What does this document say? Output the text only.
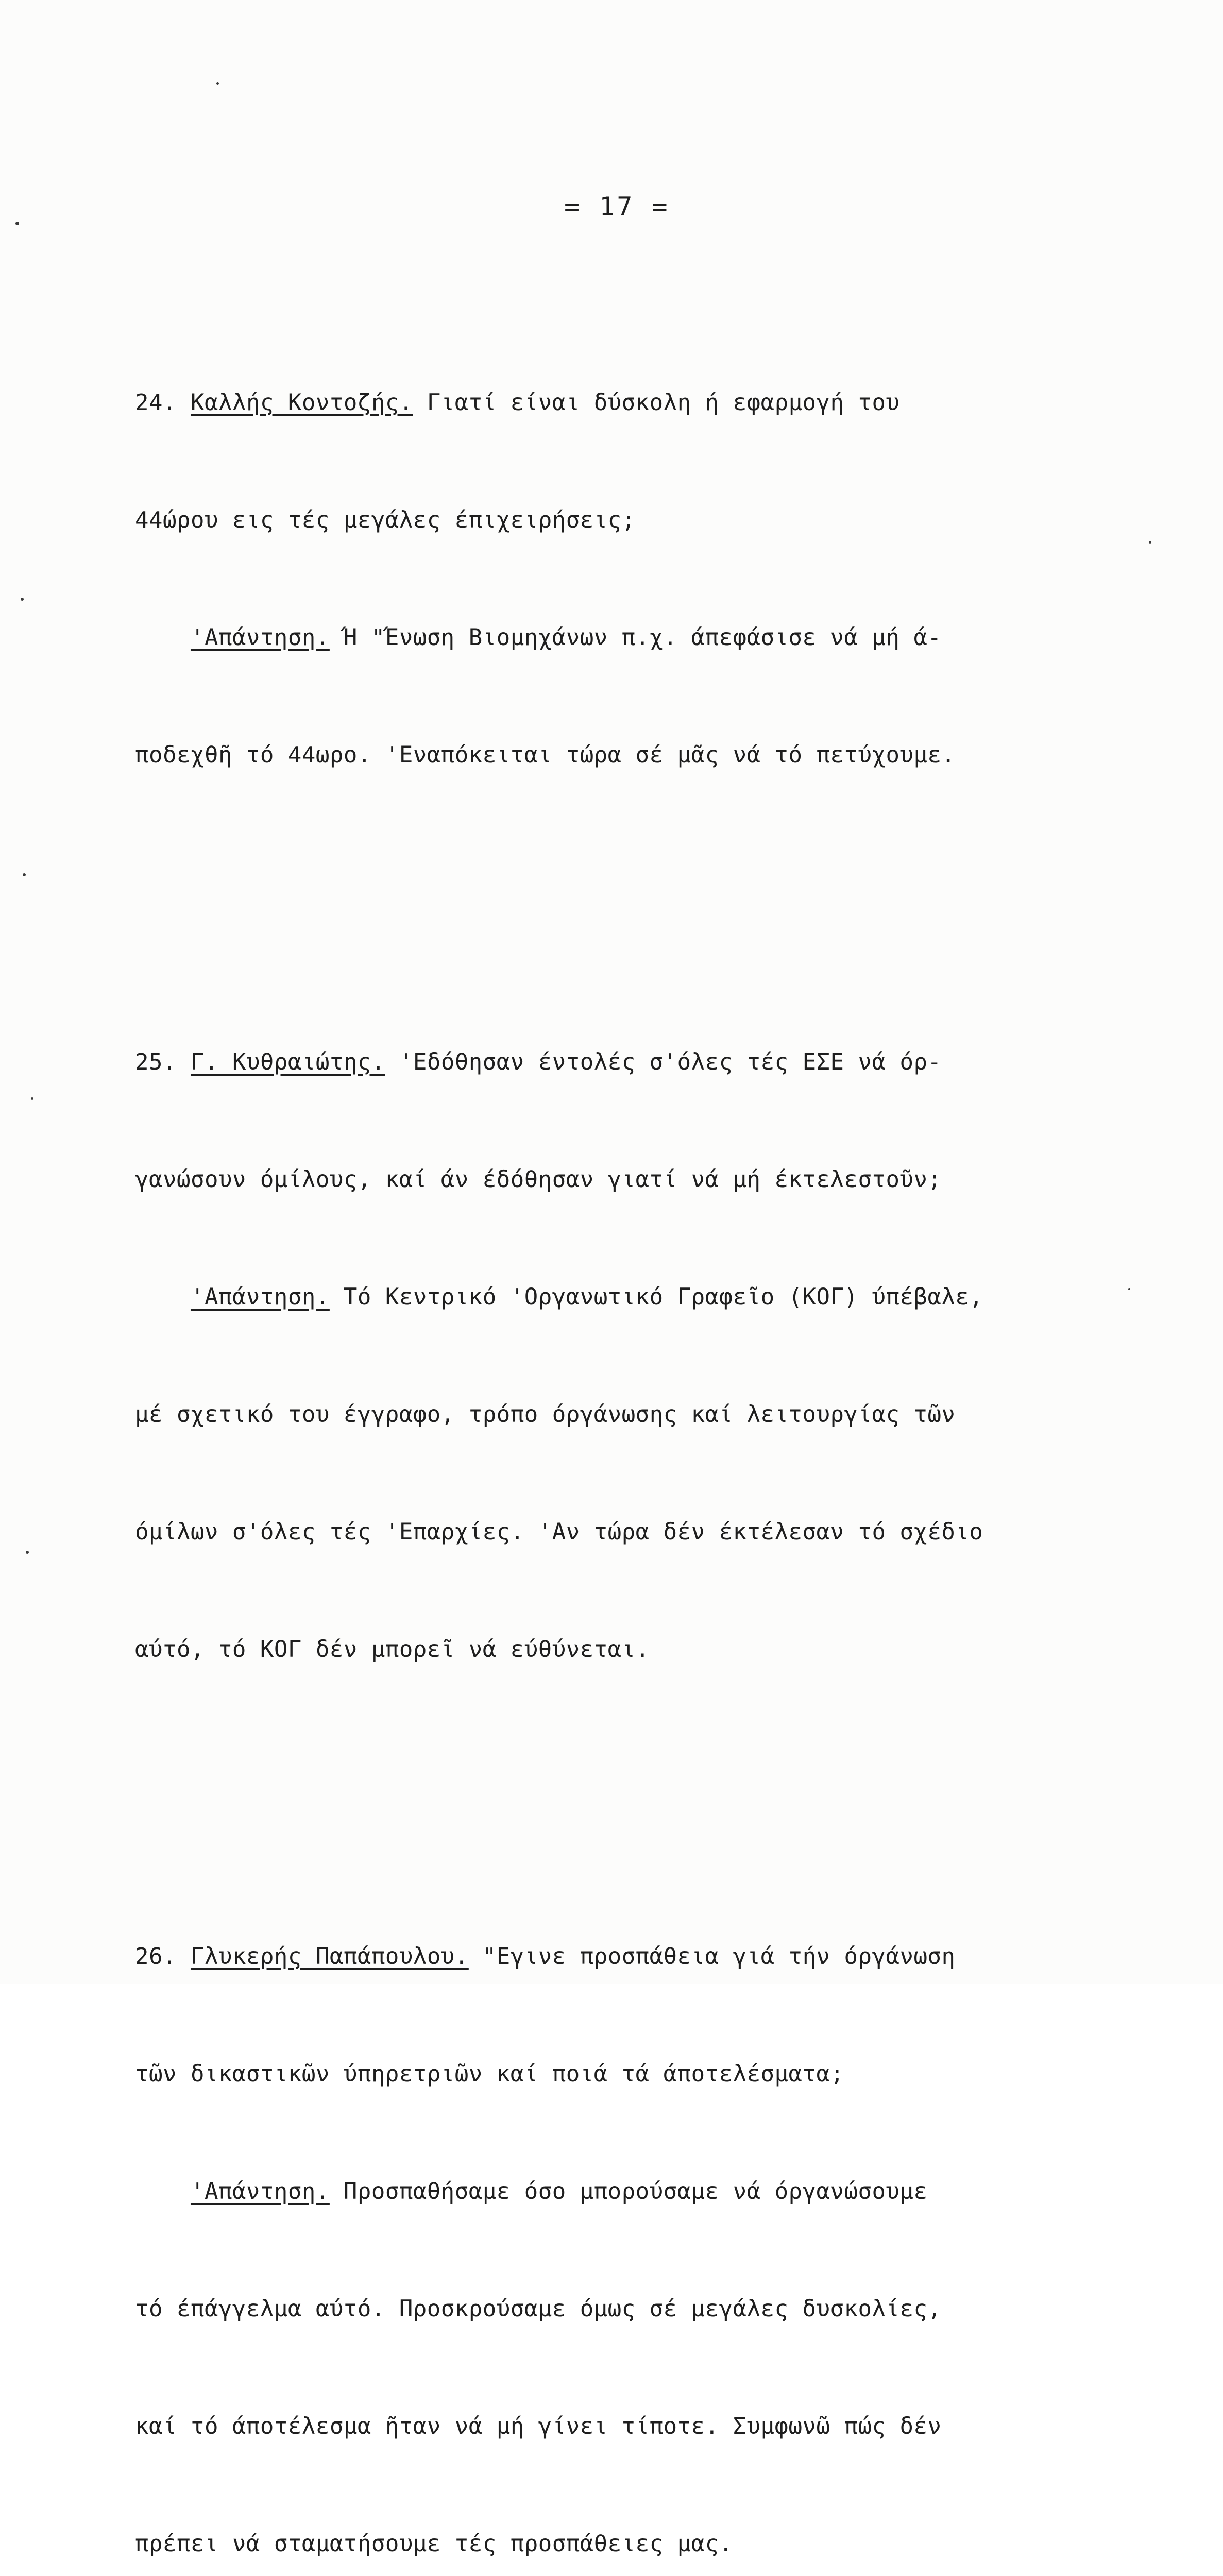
= 17 =

24. Καλλής Κοντοζής. Γιατί είναι δύσκολη ή εφαρμογή του

44ώρου εις τές μεγάλες έπιχειρήσεις;

'Απάντηση. Ή "Ένωση Βιομηχάνων π.χ. άπεφάσισε νά μή ά-

ποδεχθῆ τό 44ωρο. 'Εναπόκειται τώρα σέ μᾶς νά τό πετύχουμε.

25. Γ. Κυθραιώτης. 'Εδόθησαν έντολές σ'όλες τές ΕΣΕ νά όρ-

γανώσουν όμίλους, καί άν έδόθησαν γιατί νά μή έκτελεστοῦν;

'Απάντηση. Τό Κεντρικό 'Οργανωτικό Γραφεῖο (ΚΟΓ) ύπέβαλε,

μέ σχετικό του έγγραφο, τρόπο όργάνωσης καί λειτουργίας τῶν

όμίλων σ'όλες τές 'Επαρχίες. 'Αν τώρα δέν έκτέλεσαν τό σχέδιο

αύτό, τό ΚΟΓ δέν μπορεῖ νά εύθύνεται.

26. Γλυκερής Παπάπουλου. "Εγινε προσπάθεια γιά τήν όργάνωση

τῶν δικαστικῶν ύπηρετριῶν καί ποιά τά άποτελέσματα;

'Απάντηση. Προσπαθήσαμε όσο μπορούσαμε νά όργανώσουμε

τό έπάγγελμα αύτό. Προσκρούσαμε όμως σέ μεγάλες δυσκολίες,

καί τό άποτέλεσμα ῆταν νά μή γίνει τίποτε. Συμφωνῶ πώς δέν

πρέπει νά σταματήσουμε τές προσπάθειες μας.
